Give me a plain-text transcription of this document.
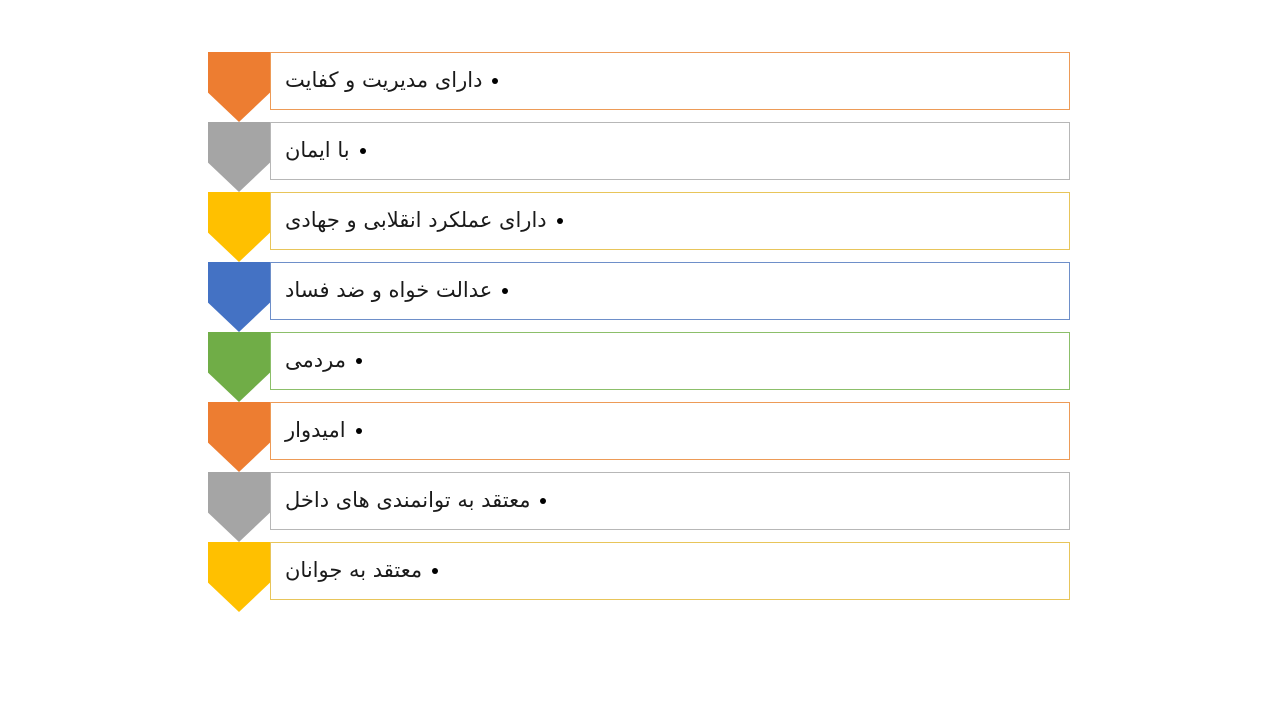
دارای مدیریت و کفایت
با ایمان
دارای عملکرد انقلابی و جهادی
عدالت خواه و ضد فساد
مردمی
امیدوار
معتقد به توانمندی های داخل
معتقد به جوانان
